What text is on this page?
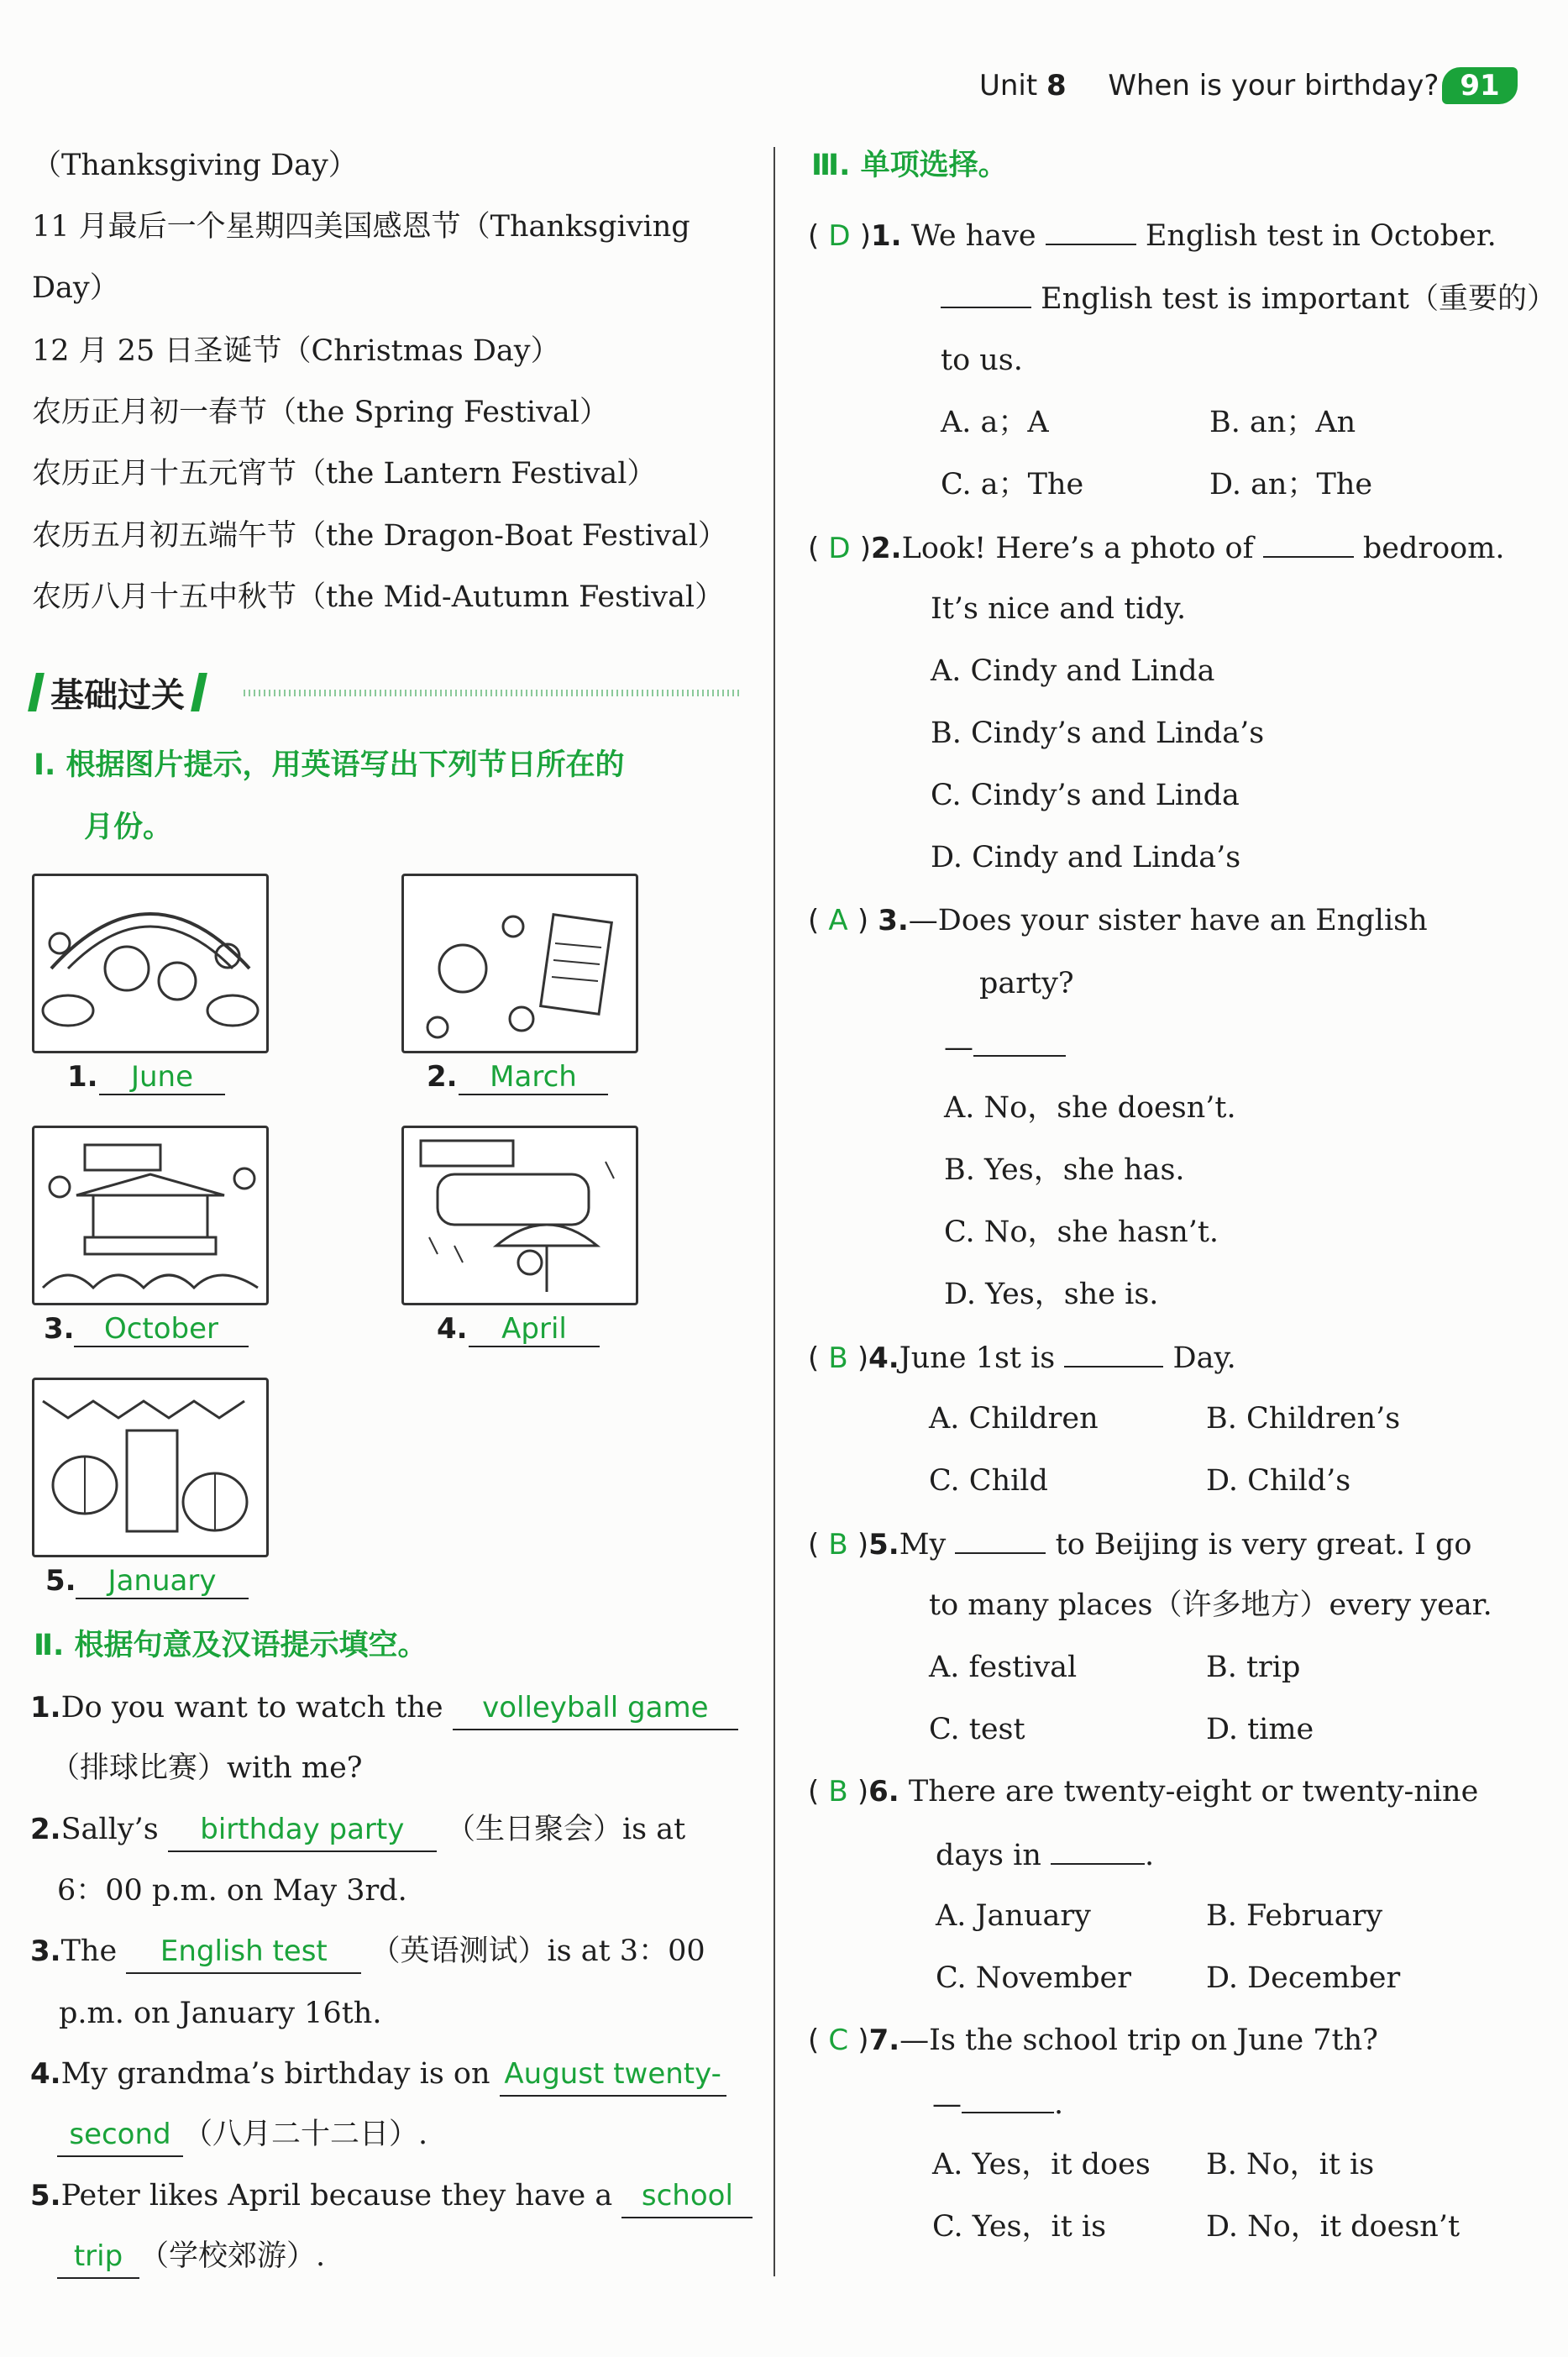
Unit 8 When is your birthday? 91
（Thanksgiving Day）
11 月最后一个星期四美国感恩节（Thanksgiving
Day）
12 月 25 日圣诞节（Christmas Day）
农历正月初一春节（the Spring Festival）
农历正月十五元宵节（the Lantern Festival）
农历五月初五端午节（the Dragon-Boat Festival）
农历八月十五中秋节（the Mid-Autumn Festival）
基础过关
Ⅰ. 根据图片提示，用英语写出下列节日所在的
月份。
1.	June	2.	March
3.	October	4.	April
5.	January
Ⅱ. 根据句意及汉语提示填空。
1.Do you want to watch the volleyball game
（排球比赛）with me?
2.Sally’s birthday party （生日聚会）is at
6：00 p.m. on May 3rd.
3.The English test （英语测试）is at 3：00
p.m. on January 16th.
4.My grandma’s birthday is on August twenty-
second （八月二十二日）.
5.Peter likes April because they have a school
trip （学校郊游）.
Ⅲ. 单项选择。
( D )1. We have	English test in October.
English test is important（重要的）
to us.
A. a；A	B. an；An
C. a；The	D. an；The
( D )2.Look! Here’s a photo of	bedroom.
It’s nice and tidy.
A. Cindy and Linda
B. Cindy’s and Linda’s
C. Cindy’s and Linda
D. Cindy and Linda’s
( A ) 3.—Does your sister have an English
party?
—
A. No，she doesn’t.
B. Yes，she has.
C. No，she hasn’t.
D. Yes，she is.
( B )4.June 1st is	Day.
A. Children	B. Children’s
C. Child	D. Child’s
( B )5.My	to Beijing is very great. I go
to many places（许多地方）every year.
A. festival	B. trip
C. test	D. time
( B )6. There are twenty-eight or twenty-nine
days in	.
A. January	B. February
C. November	D. December
( C )7.—Is the school trip on June 7th?
—	.
A. Yes，it does B. No，it is
C. Yes，it is	D. No，it doesn’t
